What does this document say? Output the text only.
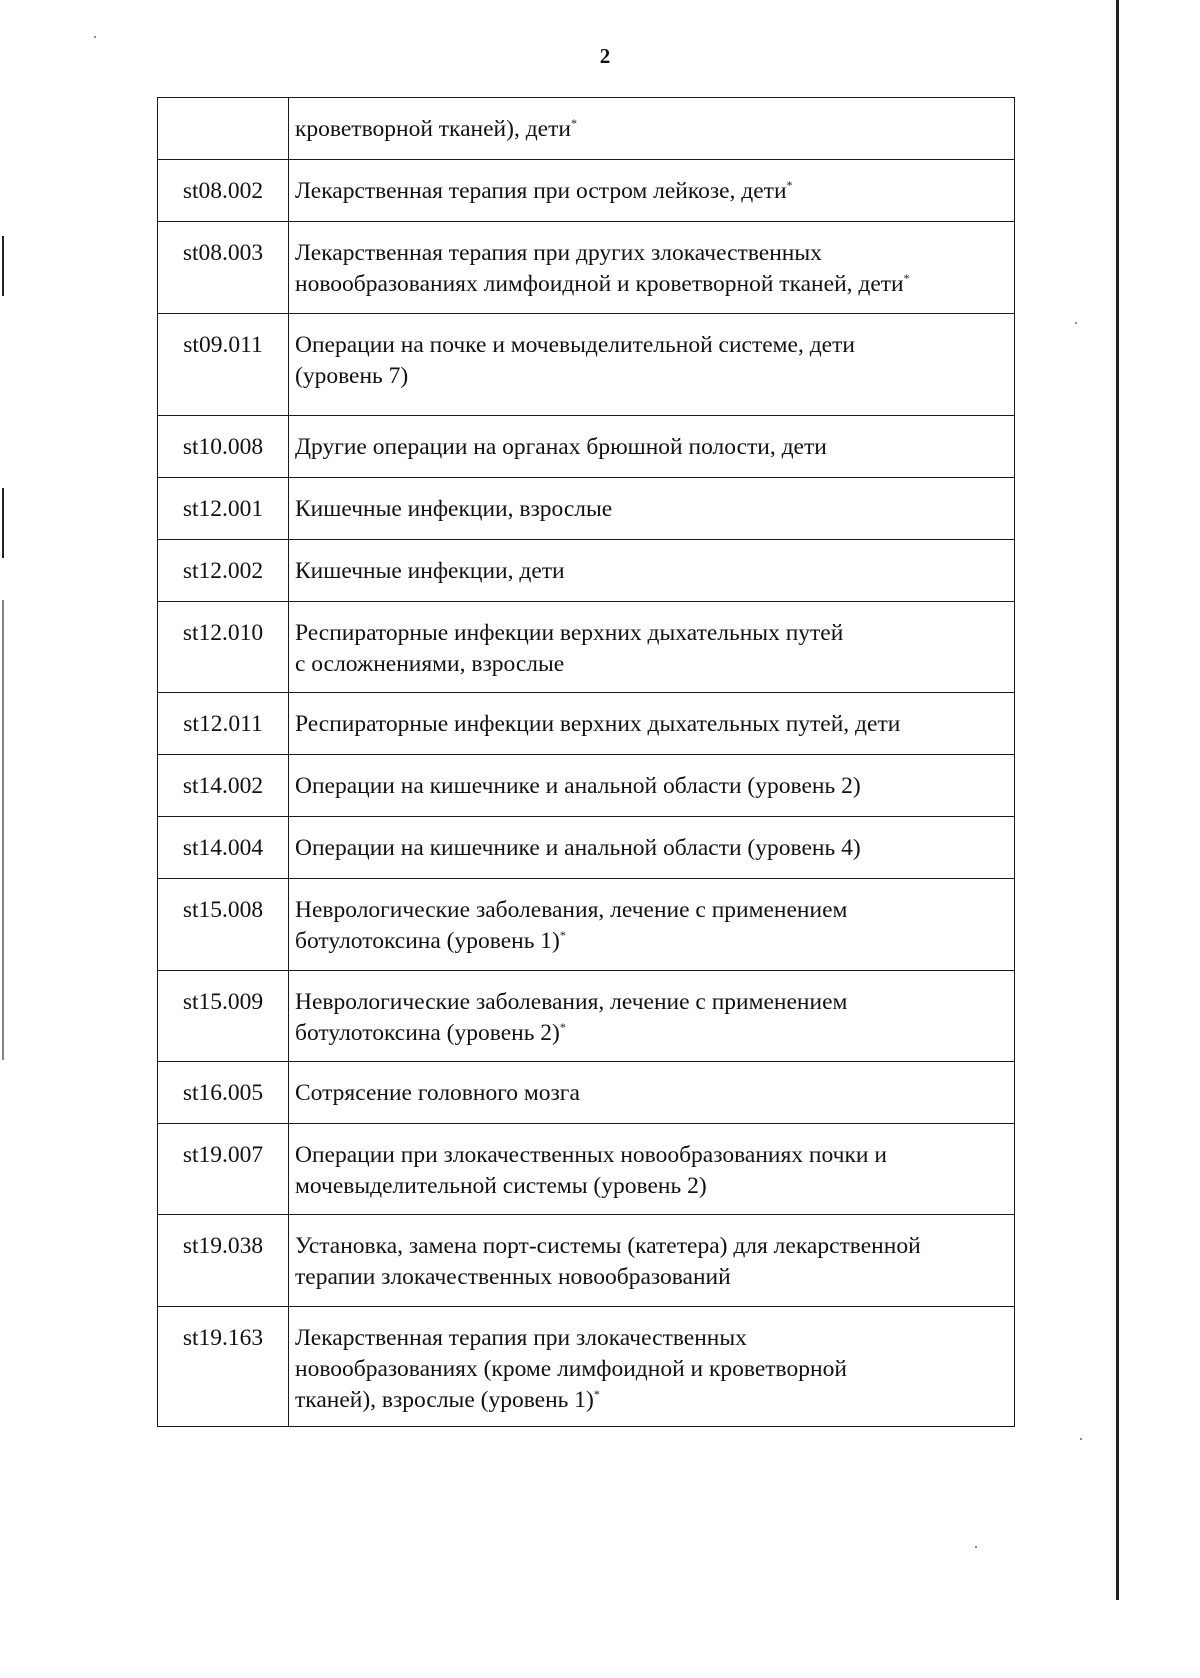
2
	кроветворной тканей), дети*
st08.002	Лекарственная терапия при остром лейкозе, дети*
st08.003	Лекарственная терапия при других злокачественных
новообразованиях лимфоидной и кроветворной тканей, дети*
st09.011	Операции на почке и мочевыделительной системе, дети
(уровень 7)
st10.008	Другие операции на органах брюшной полости, дети
st12.001	Кишечные инфекции, взрослые
st12.002	Кишечные инфекции, дети
st12.010	Респираторные инфекции верхних дыхательных путей
с осложнениями, взрослые
st12.011	Респираторные инфекции верхних дыхательных путей, дети
st14.002	Операции на кишечнике и анальной области (уровень 2)
st14.004	Операции на кишечнике и анальной области (уровень 4)
st15.008	Неврологические заболевания, лечение с применением
ботулотоксина (уровень 1)*
st15.009	Неврологические заболевания, лечение с применением
ботулотоксина (уровень 2)*
st16.005	Сотрясение головного мозга
st19.007	Операции при злокачественных новообразованиях почки и
мочевыделительной системы (уровень 2)
st19.038	Установка, замена порт-системы (катетера) для лекарственной
терапии злокачественных новообразований
st19.163	Лекарственная терапия при злокачественных
новообразованиях (кроме лимфоидной и кроветворной
тканей), взрослые (уровень 1)*
